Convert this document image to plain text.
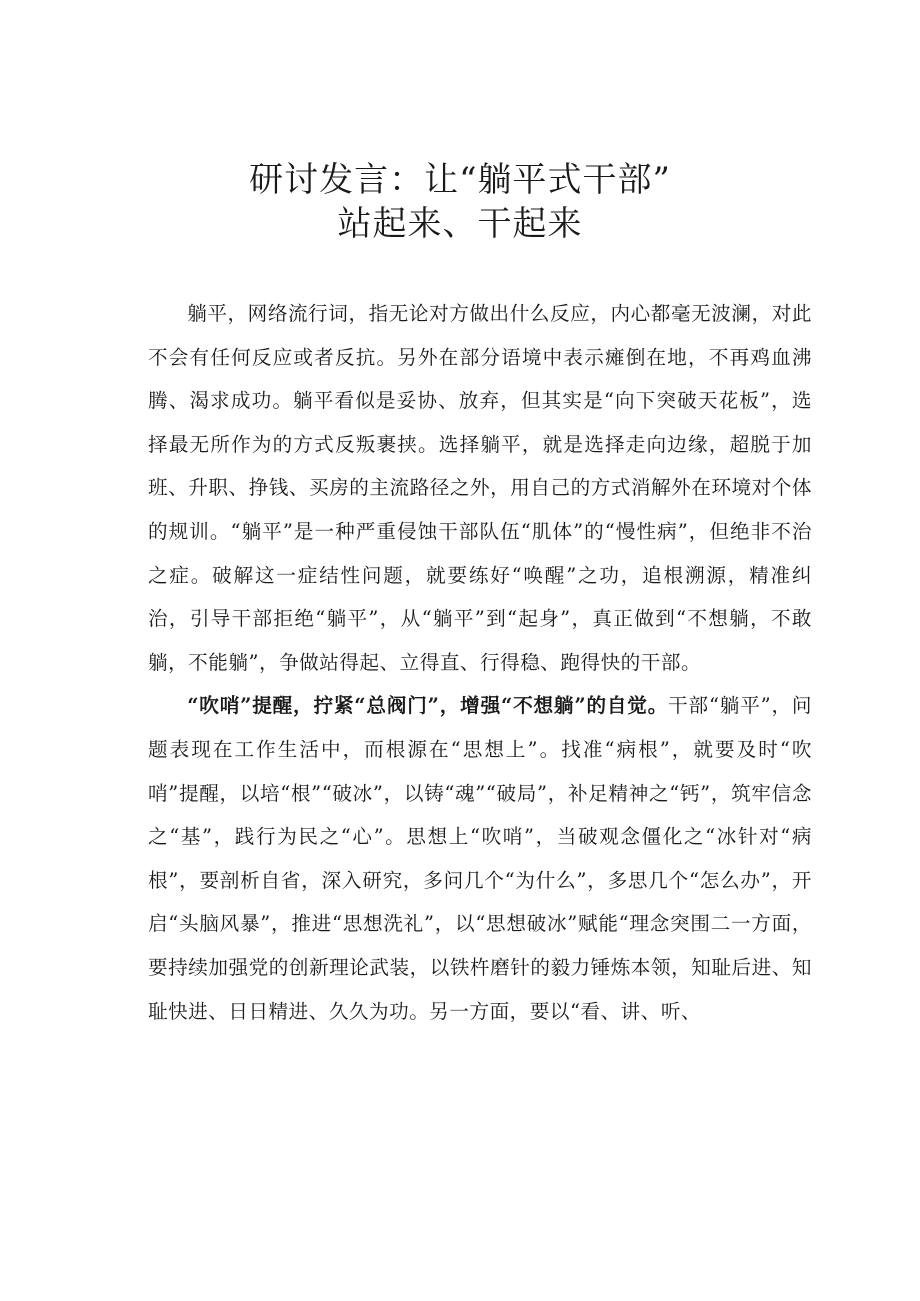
研讨发言：让“躺平式干部”
站起来、干起来

躺平，网络流行词，指无论对方做出什么反应，内心都毫无波澜，对此不会有任何反应或者反抗。另外在部分语境中表示瘫倒在地，不再鸡血沸腾、渴求成功。躺平看似是妥协、放弃，但其实是“向下突破天花板”，选择最无所作为的方式反叛裹挟。选择躺平，就是选择走向边缘，超脱于加班、升职、挣钱、买房的主流路径之外，用自己的方式消解外在环境对个体的规训。“躺平”是一种严重侵蚀干部队伍“肌体”的“慢性病”，但绝非不治之症。破解这一症结性问题，就要练好“唤醒”之功，追根溯源，精准纠治，引导干部拒绝“躺平”，从“躺平”到“起身”，真正做到“不想躺，不敢躺，不能躺”，争做站得起、立得直、行得稳、跑得快的干部。

“吹哨”提醒，拧紧“总阀门”，增强“不想躺”的自觉。干部“躺平”，问题表现在工作生活中，而根源在“思想上”。找准“病根”，就要及时“吹哨”提醒，以培“根”“破冰”，以铸“魂”“破局”，补足精神之“钙”，筑牢信念之“基”，践行为民之“心”。思想上“吹哨”，当破观念僵化之“冰针对“病根”，要剖析自省，深入研究，多问几个“为什么”，多思几个“怎么办”，开启“头脑风暴”，推进“思想洗礼”，以“思想破冰”赋能“理念突围二一方面，要持续加强党的创新理论武装，以铁杵磨针的毅力锤炼本领，知耻后进、知耻快进、日日精进、久久为功。另一方面，要以“看、讲、听、
